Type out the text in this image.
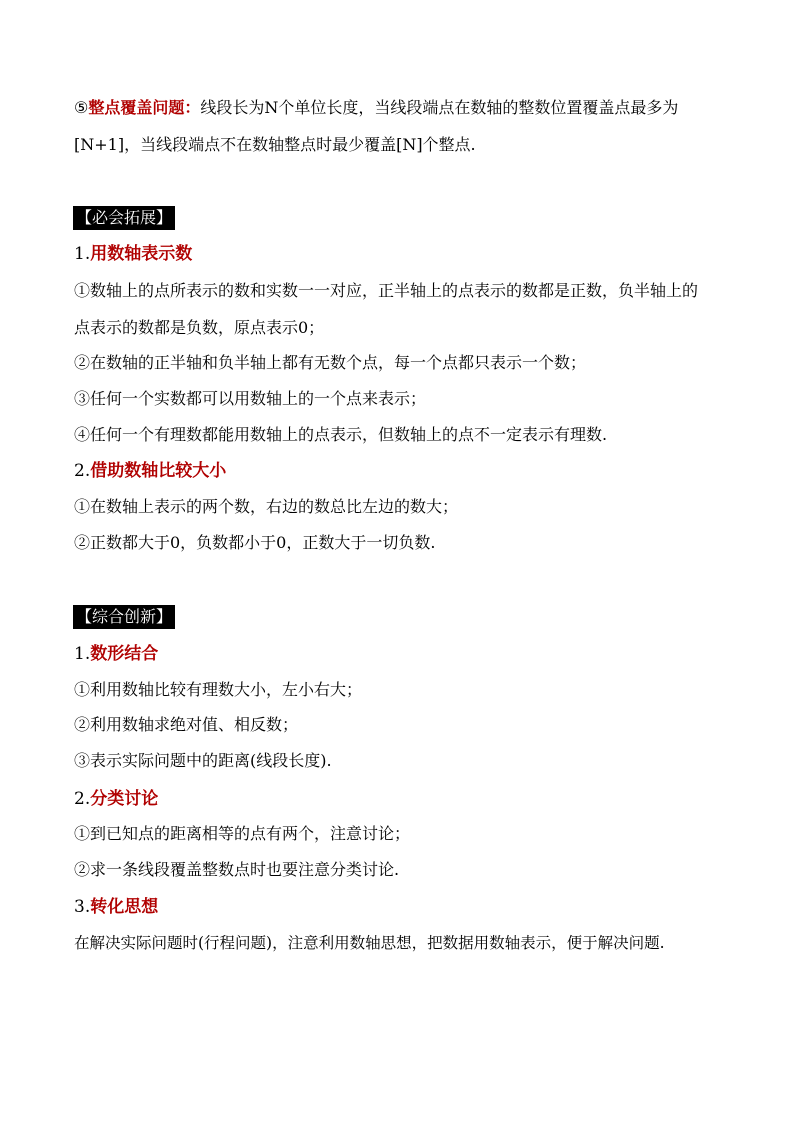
⑤整点覆盖问题：线段长为N个单位长度，当线段端点在数轴的整数位置覆盖点最多为
[N+1]，当线段端点不在数轴整点时最少覆盖[N]个整点.
【必会拓展】
1.用数轴表示数
①数轴上的点所表示的数和实数一一对应，正半轴上的点表示的数都是正数，负半轴上的
点表示的数都是负数，原点表示0；
②在数轴的正半轴和负半轴上都有无数个点，每一个点都只表示一个数；
③任何一个实数都可以用数轴上的一个点来表示；
④任何一个有理数都能用数轴上的点表示，但数轴上的点不一定表示有理数.
2.借助数轴比较大小
①在数轴上表示的两个数，右边的数总比左边的数大；
②正数都大于0，负数都小于0，正数大于一切负数.
【综合创新】
1.数形结合
①利用数轴比较有理数大小，左小右大；
②利用数轴求绝对值、相反数；
③表示实际问题中的距离(线段长度).
2.分类讨论
①到已知点的距离相等的点有两个，注意讨论；
②求一条线段覆盖整数点时也要注意分类讨论.
3.转化思想
在解决实际问题时(行程问题)，注意利用数轴思想，把数据用数轴表示，便于解决问题.
